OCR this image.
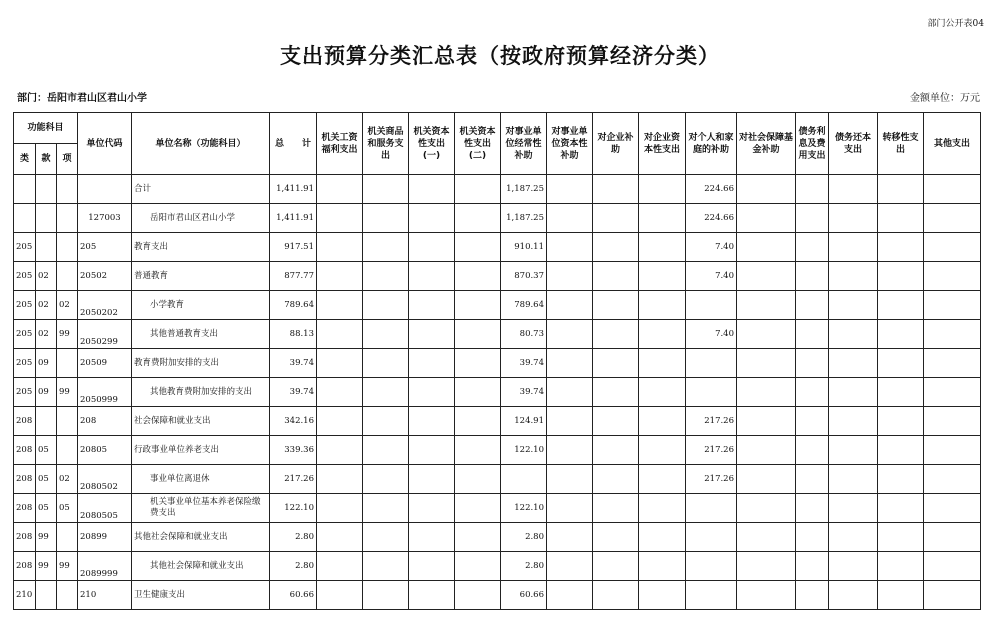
部门公开表04
支出预算分类汇总表（按政府预算经济分类）
部门：岳阳市君山区君山小学	金额单位：万元
功能科目			单位代码	单位名称（功能科目）	总　　计	机关工资福利支出	机关商品和服务支出	机关资本性支出(一)	机关资本性支出(二)	对事业单位经常性补助	对事业单位资本性补助	对企业补助	对企业资本性支出	对个人和家庭的补助	对社会保障基金补助	债务利息及费用支出	债务还本支出	转移性支出	其他支出
类	款	项																	
				合计	1,411.91					1,187.25				224.66					
			127003	岳阳市君山区君山小学	1,411.91					1,187.25				224.66					
205			205	教育支出	917.51					910.11				7.40					
205	02		20502	普通教育	877.77					870.37				7.40					
205	02	02	2050202	小学教育	789.64					789.64									
205	02	99	2050299	其他普通教育支出	88.13					80.73				7.40					
205	09		20509	教育费附加安排的支出	39.74					39.74									
205	09	99	2050999	其他教育费附加安排的支出	39.74					39.74									
208			208	社会保障和就业支出	342.16					124.91				217.26					
208	05		20805	行政事业单位养老支出	339.36					122.10				217.26					
208	05	02	2080502	事业单位离退休	217.26									217.26					
208	05	05	2080505	机关事业单位基本养老保险缴费支出	122.10					122.10									
208	99		20899	其他社会保障和就业支出	2.80					2.80									
208	99	99	2089999	其他社会保障和就业支出	2.80					2.80									
210			210	卫生健康支出	60.66					60.66									
